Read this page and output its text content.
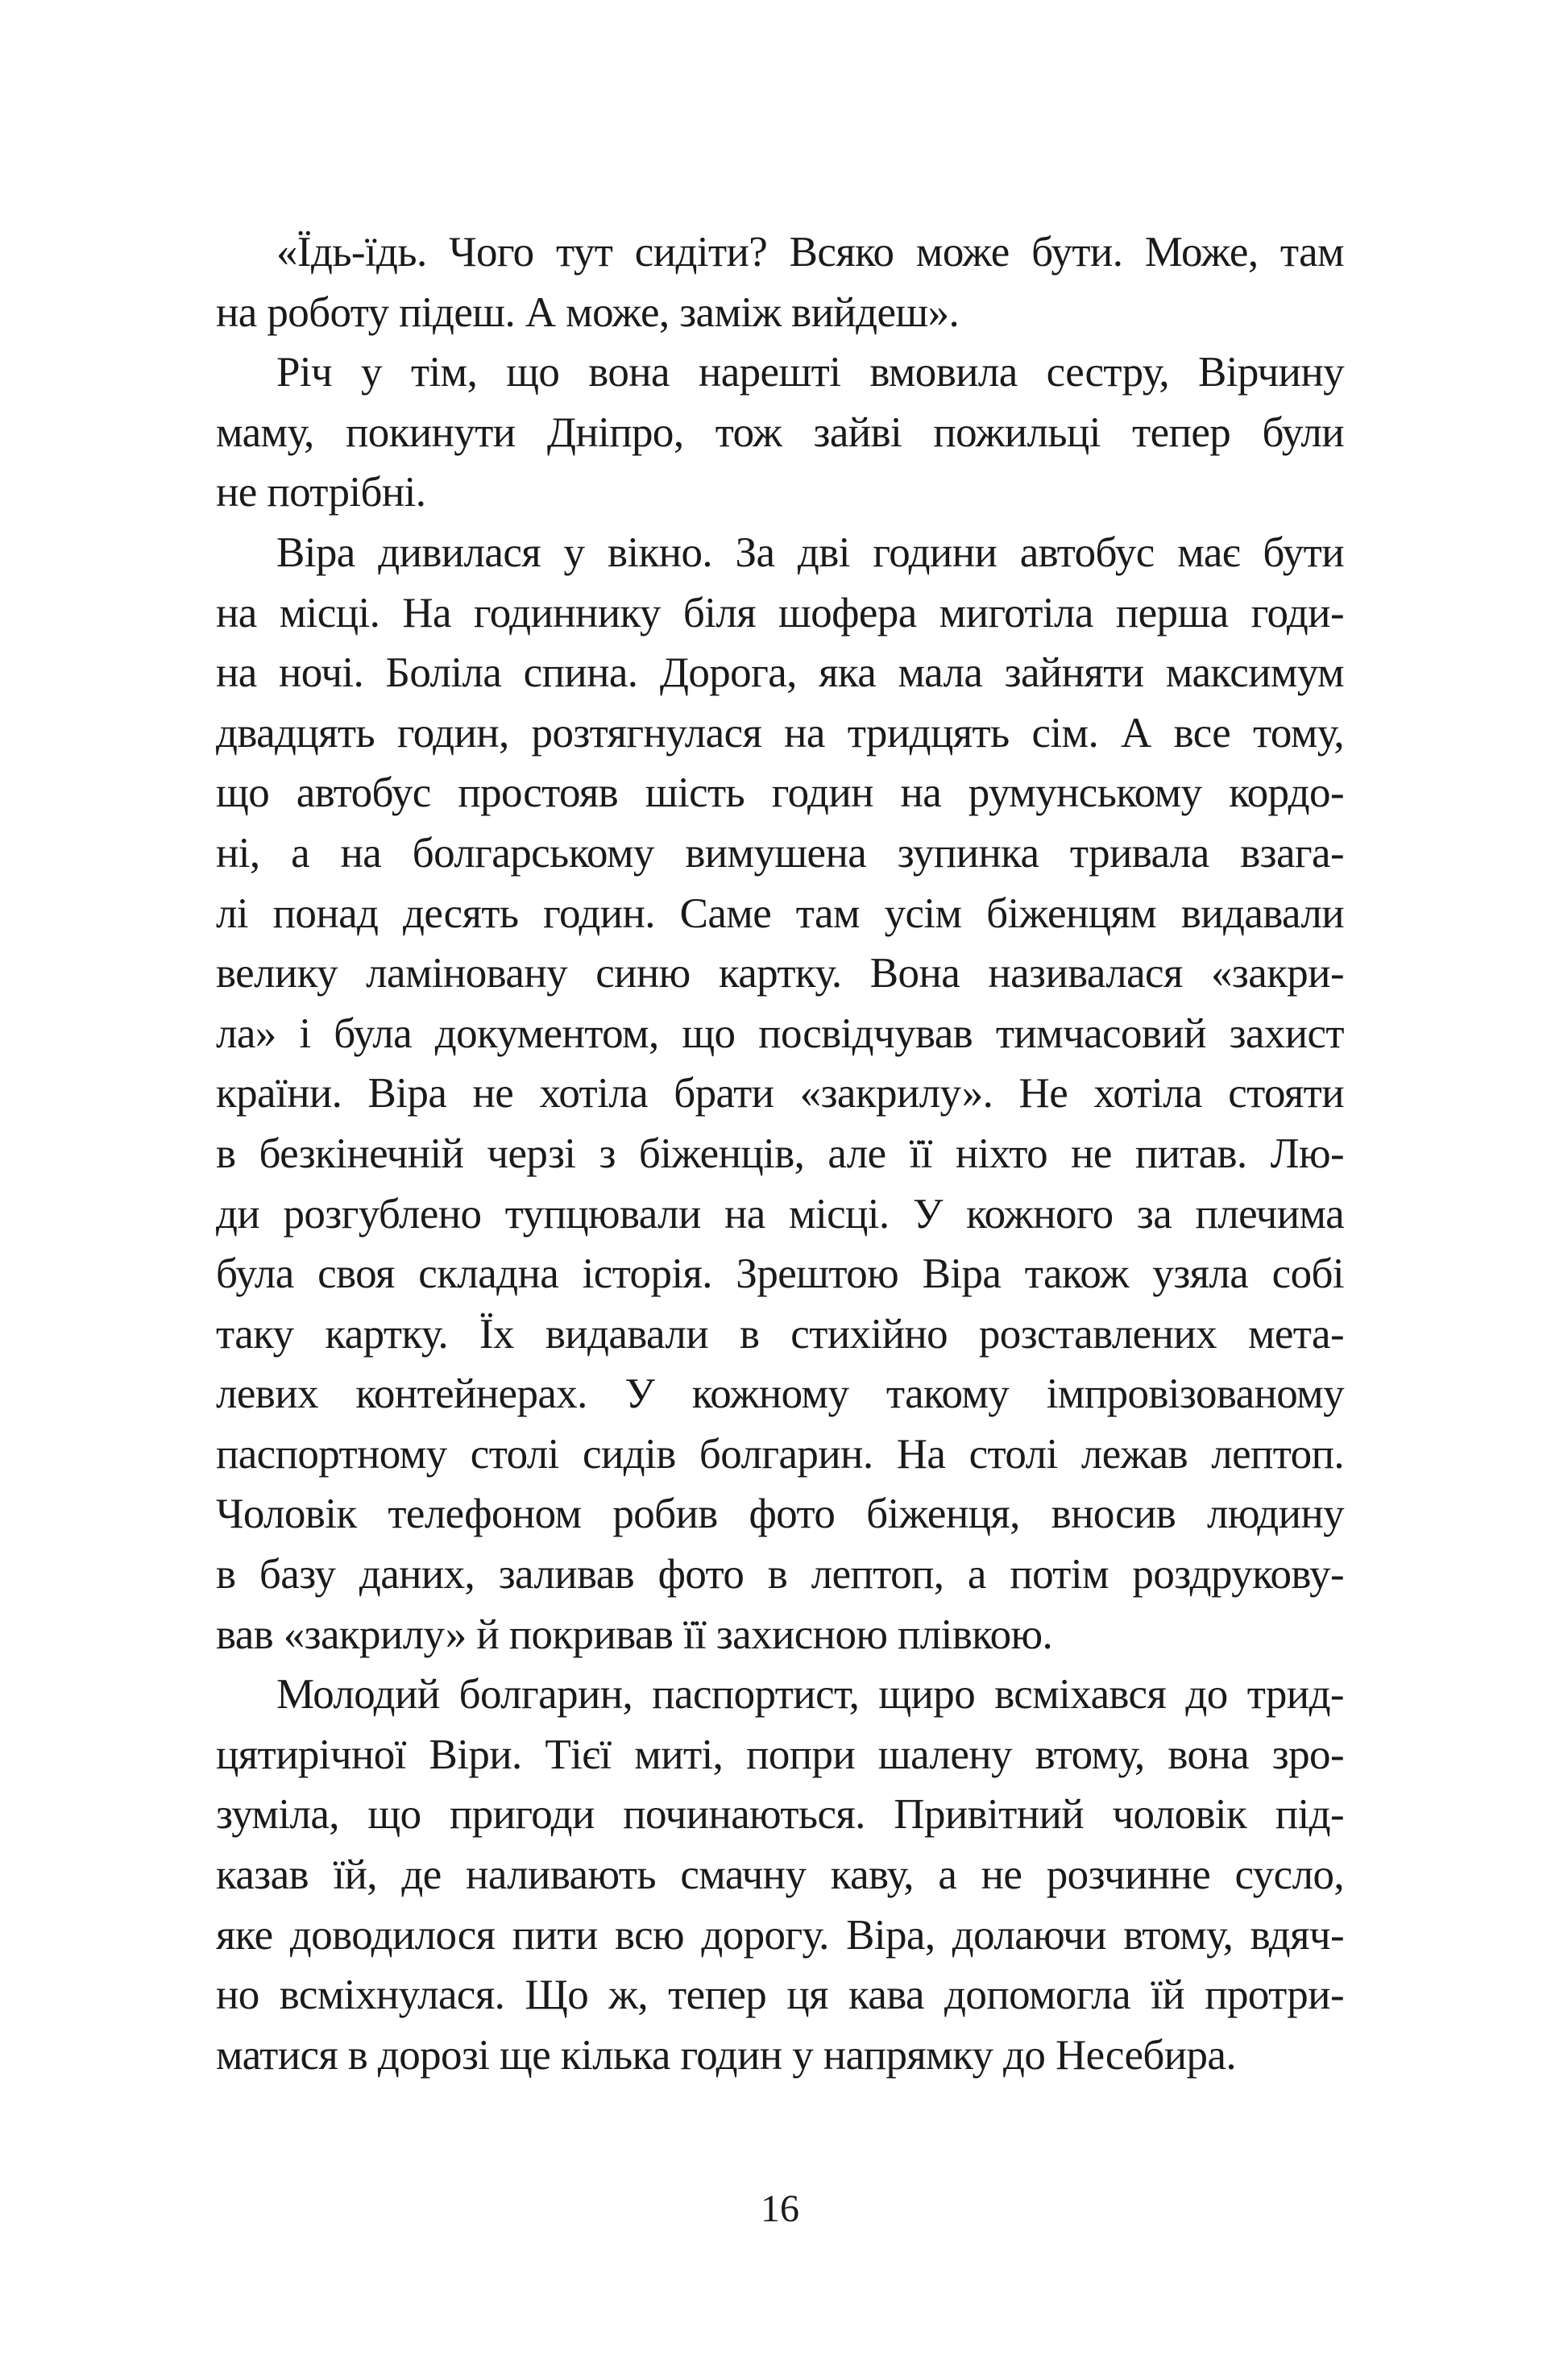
«Їдь-їдь. Чого тут сидіти? Всяко може бути. Може, там
на роботу підеш. А може, заміж вийдеш».
Річ у тім, що вона нарешті вмовила сестру, Вірчину
маму, покинути Дніпро, тож зайві пожильці тепер були
не потрібні.
Віра дивилася у вікно. За дві години автобус має бути
на місці. На годиннику біля шофера миготіла перша годи-
на ночі. Боліла спина. Дорога, яка мала зайняти максимум
двадцять годин, розтягнулася на тридцять сім. А все тому,
що автобус простояв шість годин на румунському кордо-
ні, а на болгарському вимушена зупинка тривала взага-
лі понад десять годин. Саме там усім біженцям видавали
велику ламіновану синю картку. Вона називалася «закри-
ла» і була документом, що посвідчував тимчасовий захист
країни. Віра не хотіла брати «закрилу». Не хотіла стояти
в безкінечній черзі з біженців, але її ніхто не питав. Лю-
ди розгублено тупцювали на місці. У кожного за плечима
була своя складна історія. Зрештою Віра також узяла собі
таку картку. Їх видавали в стихійно розставлених мета-
левих контейнерах. У кожному такому імпровізованому
паспортному столі сидів болгарин. На столі лежав лептоп.
Чоловік телефоном робив фото біженця, вносив людину
в базу даних, заливав фото в лептоп, а потім роздрукову-
вав «закрилу» й покривав її захисною плівкою.
Молодий болгарин, паспортист, щиро всміхався до трид-
цятирічної Віри. Тієї миті, попри шалену втому, вона зро-
зуміла, що пригоди починаються. Привітний чоловік під-
казав їй, де наливають смачну каву, а не розчинне сусло,
яке доводилося пити всю дорогу. Віра, долаючи втому, вдяч-
но всміхнулася. Що ж, тепер ця кава допомогла їй протри-
матися в дорозі ще кілька годин у напрямку до Несебира.
16
